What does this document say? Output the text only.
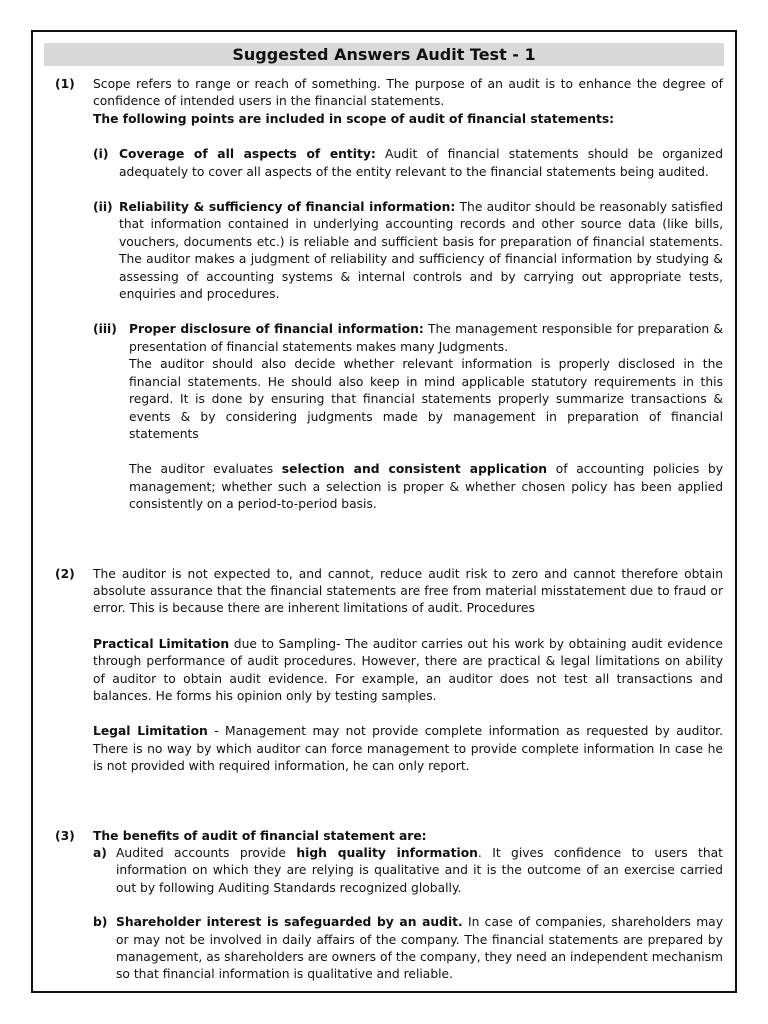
Suggested Answers Audit Test - 1
(1) Scope refers to range or reach of something. The purpose of an audit is to enhance the degree of confidence of intended users in the financial statements.

The following points are included in scope of audit of financial statements:

(i) Coverage of all aspects of entity: Audit of financial statements should be organized adequately to cover all aspects of the entity relevant to the financial statements being audited.

(ii) Reliability & sufficiency of financial information: The auditor should be reasonably satisfied that information contained in underlying accounting records and other source data (like bills, vouchers, documents etc.) is reliable and sufficient basis for preparation of financial statements. The auditor makes a judgment of reliability and sufficiency of financial information by studying & assessing of accounting systems & internal controls and by carrying out appropriate tests, enquiries and procedures.

(iii) Proper disclosure of financial information: The management responsible for preparation & presentation of financial statements makes many Judgments.

The auditor should also decide whether relevant information is properly disclosed in the financial statements. He should also keep in mind applicable statutory requirements in this regard. It is done by ensuring that financial statements properly summarize transactions & events & by considering judgments made by management in preparation of financial statements

The auditor evaluates selection and consistent application of accounting policies by management; whether such a selection is proper & whether chosen policy has been applied consistently on a period-to-period basis.

(2) The auditor is not expected to, and cannot, reduce audit risk to zero and cannot therefore obtain absolute assurance that the financial statements are free from material misstatement due to fraud or error. This is because there are inherent limitations of audit. Procedures

Practical Limitation due to Sampling- The auditor carries out his work by obtaining audit evidence through performance of audit procedures. However, there are practical & legal limitations on ability of auditor to obtain audit evidence. For example, an auditor does not test all transactions and balances. He forms his opinion only by testing samples.

Legal Limitation - Management may not provide complete information as requested by auditor. There is no way by which auditor can force management to provide complete information In case he is not provided with required information, he can only report.

(3) The benefits of audit of financial statement are:

a) Audited accounts provide high quality information. It gives confidence to users that information on which they are relying is qualitative and it is the outcome of an exercise carried out by following Auditing Standards recognized globally.

b) Shareholder interest is safeguarded by an audit. In case of companies, shareholders may or may not be involved in daily affairs of the company. The financial statements are prepared by management, as shareholders are owners of the company, they need an independent mechanism so that financial information is qualitative and reliable.
